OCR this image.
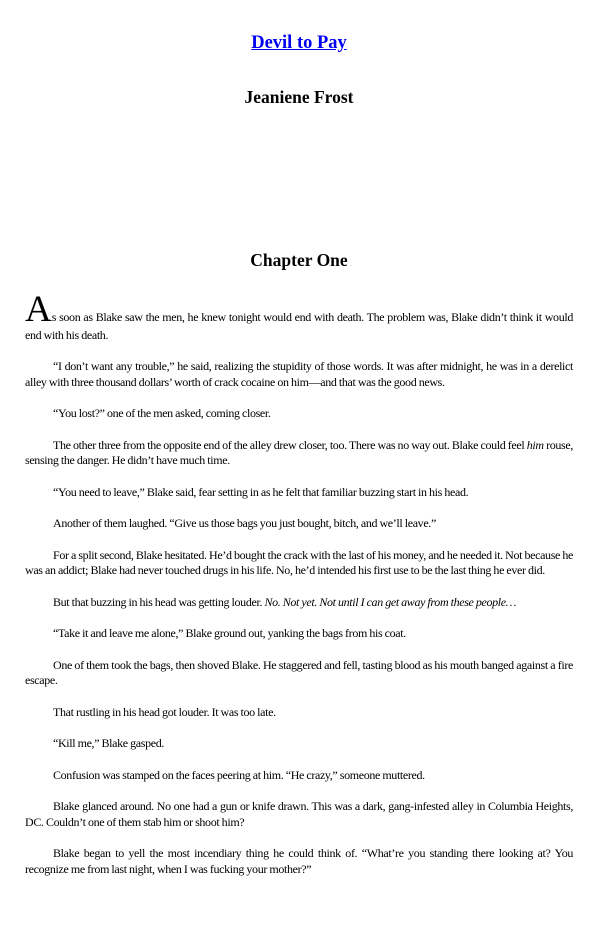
Devil to Pay
Jeaniene Frost
Chapter One

As soon as Blake saw the men, he knew tonight would end with death. The problem was, Blake didn’t think it would end with his death.

“I don’t want any trouble,” he said, realizing the stupidity of those words. It was after midnight, he was in a derelict alley with three thousand dollars’ worth of crack cocaine on him—and that was the good news.

“You lost?” one of the men asked, coming closer.

The other three from the opposite end of the alley drew closer, too. There was no way out. Blake could feel him rouse, sensing the danger. He didn’t have much time.

“You need to leave,” Blake said, fear setting in as he felt that familiar buzzing start in his head.

Another of them laughed. “Give us those bags you just bought, bitch, and we’ll leave.”

For a split second, Blake hesitated. He’d bought the crack with the last of his money, and he needed it. Not because he was an addict; Blake had never touched drugs in his life. No, he’d intended his first use to be the last thing he ever did.

But that buzzing in his head was getting louder. No. Not yet. Not until I can get away from these people…

“Take it and leave me alone,” Blake ground out, yanking the bags from his coat.

One of them took the bags, then shoved Blake. He staggered and fell, tasting blood as his mouth banged against a fire escape.

That rustling in his head got louder. It was too late.

“Kill me,” Blake gasped.

Confusion was stamped on the faces peering at him. “He crazy,” someone muttered.

Blake glanced around. No one had a gun or knife drawn. This was a dark, gang-infested alley in Columbia Heights, DC. Couldn’t one of them stab him or shoot him?

Blake began to yell the most incendiary thing he could think of. “What’re you standing there looking at? You recognize me from last night, when I was fucking your mother?”
